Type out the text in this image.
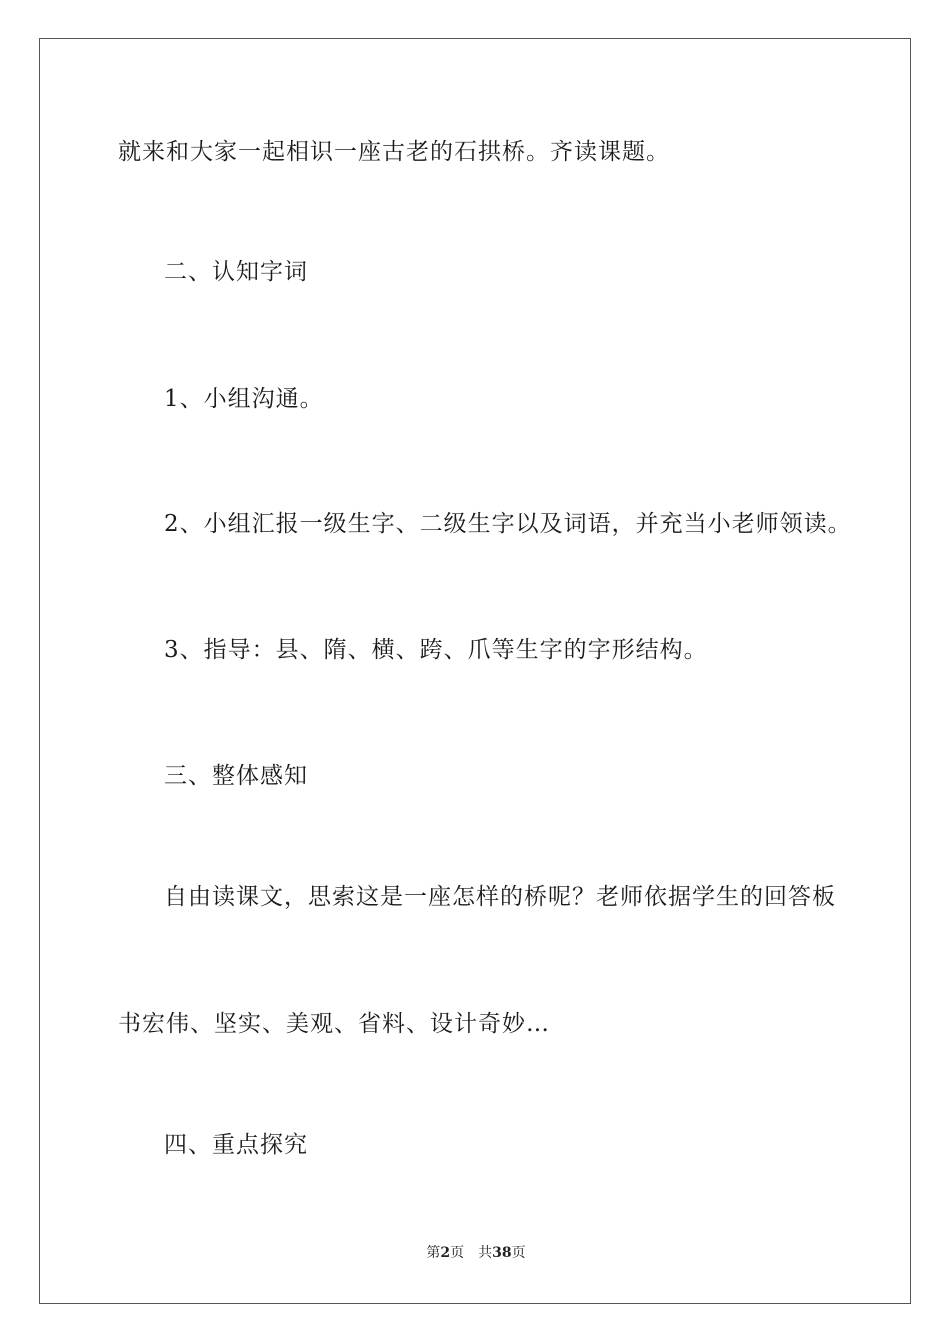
就来和大家一起相识一座古老的石拱桥。齐读课题。
二、认知字词
1、小组沟通。
2、小组汇报一级生字、二级生字以及词语，并充当小老师领读。
3、指导：县、隋、横、跨、爪等生字的字形结构。
三、整体感知
自由读课文，思索这是一座怎样的桥呢？老师依据学生的回答板
书宏伟、坚实、美观、省料、设计奇妙…
四、重点探究
第2页 共38页
